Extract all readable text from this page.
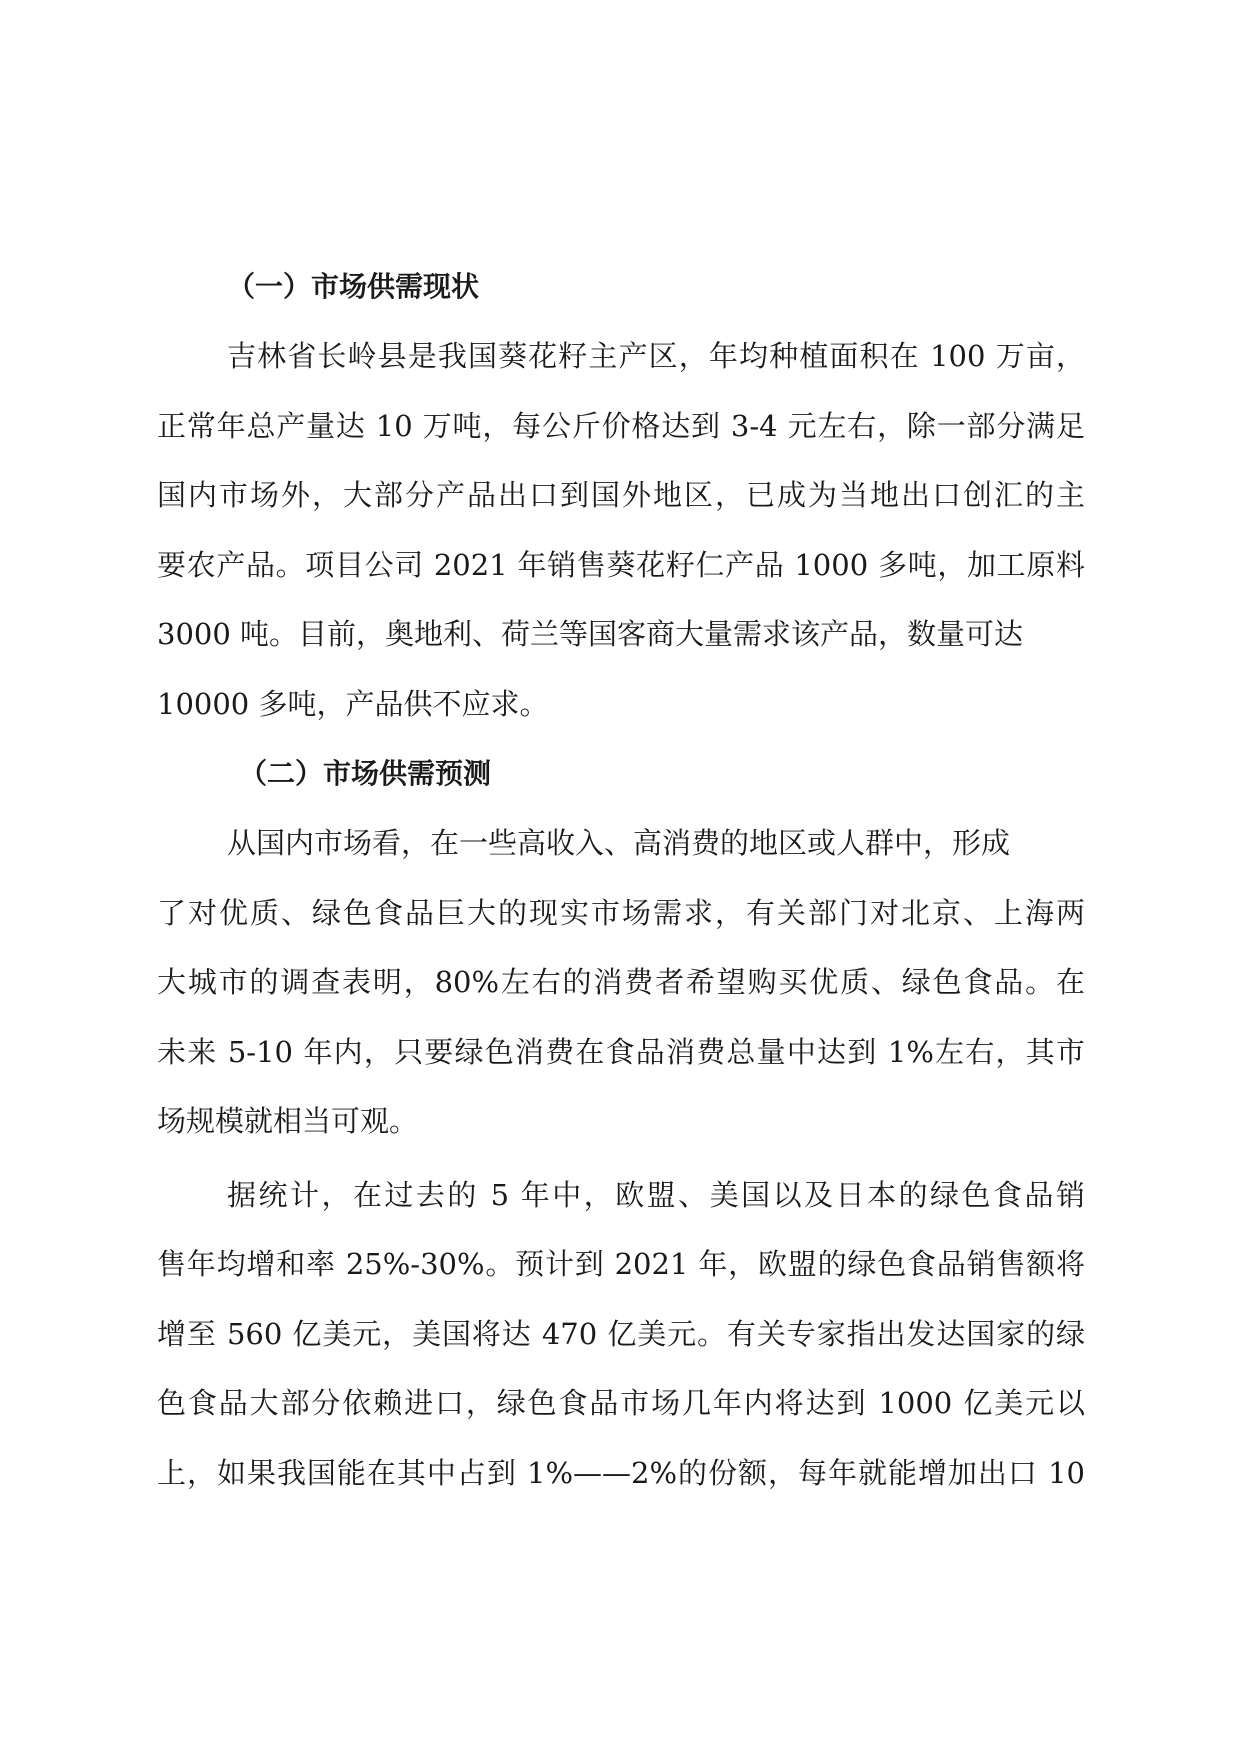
（一）市场供需现状

吉林省长岭县是我国葵花籽主产区，年均种植面积在 100 万亩，

正常年总产量达 10 万吨，每公斤价格达到 3-4 元左右，除一部分满足

国内市场外，大部分产品出口到国外地区，已成为当地出口创汇的主

要农产品。项目公司 2021 年销售葵花籽仁产品 1000 多吨，加工原料

3000 吨。目前，奥地利、荷兰等国客商大量需求该产品，数量可达

10000 多吨，产品供不应求。

（二）市场供需预测

从国内市场看，在一些高收入、高消费的地区或人群中，形成

了对优质、绿色食品巨大的现实市场需求，有关部门对北京、上海两

大城市的调查表明，80%左右的消费者希望购买优质、绿色食品。在

未来 5-10 年内，只要绿色消费在食品消费总量中达到 1%左右，其市

场规模就相当可观。

据统计，在过去的 5 年中，欧盟、美国以及日本的绿色食品销

售年均增和率 25%-30%。预计到 2021 年，欧盟的绿色食品销售额将

增至 560 亿美元，美国将达 470 亿美元。有关专家指出发达国家的绿

色食品大部分依赖进口，绿色食品市场几年内将达到 1000 亿美元以

上，如果我国能在其中占到 1%——2%的份额，每年就能增加出口 10
